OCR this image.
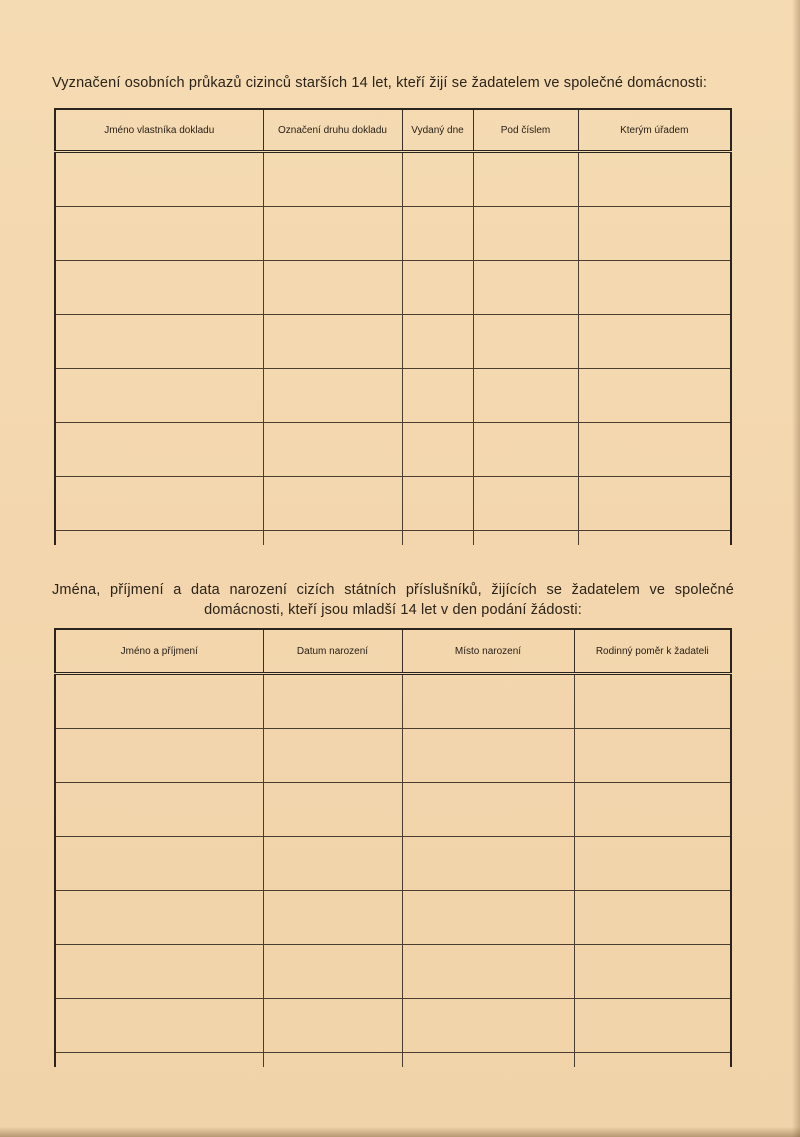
Vyznačení osobních průkazů cizinců starších 14 let, kteří žijí se žadatelem ve společné domácnosti:
Jméno vlastníka dokladu	Označení druhu dokladu	Vydaný dne	Pod číslem	Kterým úřadem

Jména, příjmení a data narození cizích státních příslušníků, žijících se žadatelem ve společné domácnosti, kteří jsou mladší 14 let v den podání žádosti:
Jméno a příjmení	Datum narození	Místo narození	Rodinný poměr k žadateli
